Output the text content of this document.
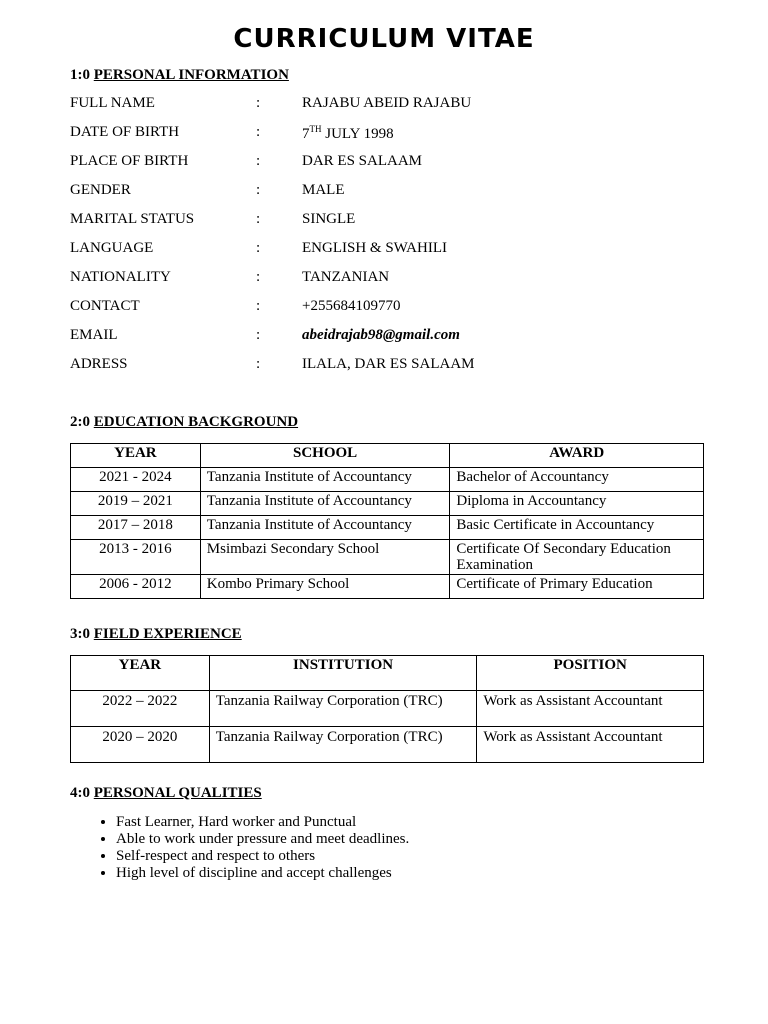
CURRICULUM VITAE

1:0 PERSONAL INFORMATION

FULL NAME	:	RAJABU ABEID RAJABU
DATE OF BIRTH	:	7TH JULY 1998
PLACE OF BIRTH	:	DAR ES SALAAM
GENDER	:	MALE
MARITAL STATUS	:	SINGLE
LANGUAGE	:	ENGLISH & SWAHILI
NATIONALITY	:	TANZANIAN
CONTACT	:	+255684109770
EMAIL	:	abeidrajab98@gmail.com
ADRESS	:	ILALA, DAR ES SALAAM

2:0 EDUCATION BACKGROUND

YEAR	SCHOOL	AWARD
2021 - 2024	Tanzania Institute of Accountancy	Bachelor of Accountancy
2019 – 2021	Tanzania Institute of Accountancy	Diploma in Accountancy
2017 – 2018	Tanzania Institute of Accountancy	Basic Certificate in Accountancy
2013 - 2016	Msimbazi Secondary School	Certificate Of Secondary Education Examination
2006 - 2012	Kombo Primary School	Certificate of Primary Education

3:0 FIELD EXPERIENCE

YEAR	INSTITUTION	POSITION
2022 – 2022	Tanzania Railway Corporation (TRC)	Work as Assistant Accountant
2020 – 2020	Tanzania Railway Corporation (TRC)	Work as Assistant Accountant

4:0 PERSONAL QUALITIES

• Fast Learner, Hard worker and Punctual
• Able to work under pressure and meet deadlines.
• Self-respect and respect to others
• High level of discipline and accept challenges
